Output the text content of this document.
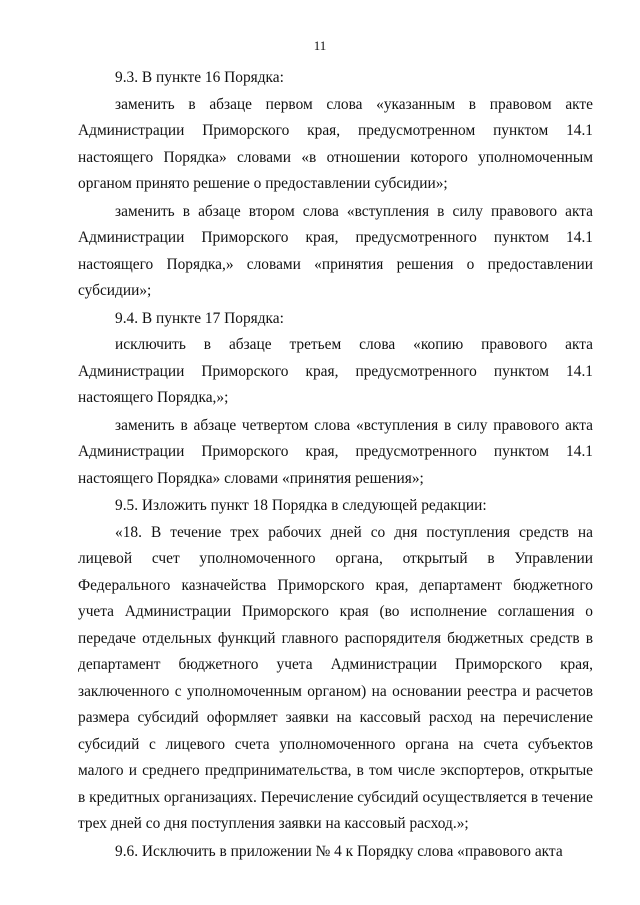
11

9.3. В пункте 16 Порядка:

заменить в абзаце первом слова «указанным в правовом акте Администрации Приморского края, предусмотренном пунктом 14.1 настоящего Порядка» словами «в отношении которого уполномоченным органом принято решение о предоставлении субсидии»;

заменить в абзаце втором слова «вступления в силу правового акта Администрации Приморского края, предусмотренного пунктом 14.1 настоящего Порядка,» словами «принятия решения о предоставлении субсидии»;

9.4. В пункте 17 Порядка:

исключить в абзаце третьем слова «копию правового акта Администрации Приморского края, предусмотренного пунктом 14.1 настоящего Порядка,»;

заменить в абзаце четвертом слова «вступления в силу правового акта Администрации Приморского края, предусмотренного пунктом 14.1 настоящего Порядка» словами «принятия решения»;

9.5. Изложить пункт 18 Порядка в следующей редакции:

«18. В течение трех рабочих дней со дня поступления средств на лицевой счет уполномоченного органа, открытый в Управлении Федерального казначейства Приморского края, департамент бюджетного учета Администрации Приморского края (во исполнение соглашения о передаче отдельных функций главного распорядителя бюджетных средств в департамент бюджетного учета Администрации Приморского края, заключенного с уполномоченным органом) на основании реестра и расчетов размера субсидий оформляет заявки на кассовый расход на перечисление субсидий с лицевого счета уполномоченного органа на счета субъектов малого и среднего предпринимательства, в том числе экспортеров, открытые в кредитных организациях. Перечисление субсидий осуществляется в течение трех дней со дня поступления заявки на кассовый расход.»;

9.6. Исключить в приложении № 4 к Порядку слова «правового акта
